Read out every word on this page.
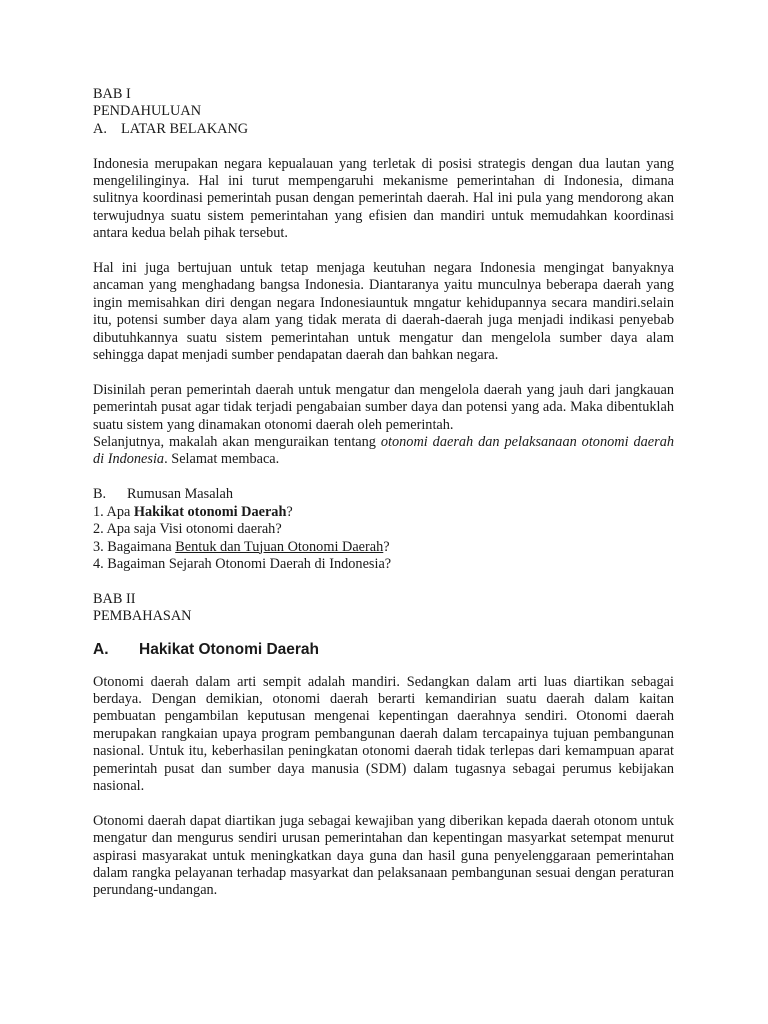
BAB I

PENDAHULUAN

A. LATAR BELAKANG

Indonesia merupakan negara kepualauan yang terletak di posisi strategis dengan dua lautan yang mengelilinginya. Hal ini turut mempengaruhi mekanisme pemerintahan di Indonesia, dimana sulitnya koordinasi pemerintah pusan dengan pemerintah daerah. Hal ini pula yang mendorong akan terwujudnya suatu sistem pemerintahan yang efisien dan mandiri untuk memudahkan koordinasi antara kedua belah pihak tersebut.

Hal ini juga bertujuan untuk tetap menjaga keutuhan negara Indonesia mengingat banyaknya ancaman yang menghadang bangsa Indonesia. Diantaranya yaitu munculnya beberapa daerah yang ingin memisahkan diri dengan negara Indonesiauntuk mngatur kehidupannya secara mandiri.selain itu, potensi sumber daya alam yang tidak merata di daerah-daerah juga menjadi indikasi penyebab dibutuhkannya suatu sistem pemerintahan untuk mengatur dan mengelola sumber daya alam sehingga dapat menjadi sumber pendapatan daerah dan bahkan negara.

Disinilah peran pemerintah daerah untuk mengatur dan mengelola daerah yang jauh dari jangkauan pemerintah pusat agar tidak terjadi pengabaian sumber daya dan potensi yang ada. Maka dibentuklah suatu sistem yang dinamakan otonomi daerah oleh pemerintah.

Selanjutnya, makalah akan menguraikan tentang otonomi daerah dan pelaksanaan otonomi daerah di Indonesia. Selamat membaca.

B. Rumusan Masalah

1. Apa Hakikat otonomi Daerah?

2. Apa saja Visi otonomi daerah?

3. Bagaimana Bentuk dan Tujuan Otonomi Daerah?

4. Bagaiman Sejarah Otonomi Daerah di Indonesia?

BAB II

PEMBAHASAN

A. Hakikat Otonomi Daerah

Otonomi daerah dalam arti sempit adalah mandiri. Sedangkan dalam arti luas diartikan sebagai berdaya. Dengan demikian, otonomi daerah berarti kemandirian suatu daerah dalam kaitan pembuatan pengambilan keputusan mengenai kepentingan daerahnya sendiri. Otonomi daerah merupakan rangkaian upaya program pembangunan daerah dalam tercapainya tujuan pembangunan nasional. Untuk itu, keberhasilan peningkatan otonomi daerah tidak terlepas dari kemampuan aparat pemerintah pusat dan sumber daya manusia (SDM) dalam tugasnya sebagai perumus kebijakan nasional.

Otonomi daerah dapat diartikan juga sebagai kewajiban yang diberikan kepada daerah otonom untuk mengatur dan mengurus sendiri urusan pemerintahan dan kepentingan masyarkat setempat menurut aspirasi masyarakat untuk meningkatkan daya guna dan hasil guna penyelenggaraan pemerintahan dalam rangka pelayanan terhadap masyarkat dan pelaksanaan pembangunan sesuai dengan peraturan perundang-undangan.
